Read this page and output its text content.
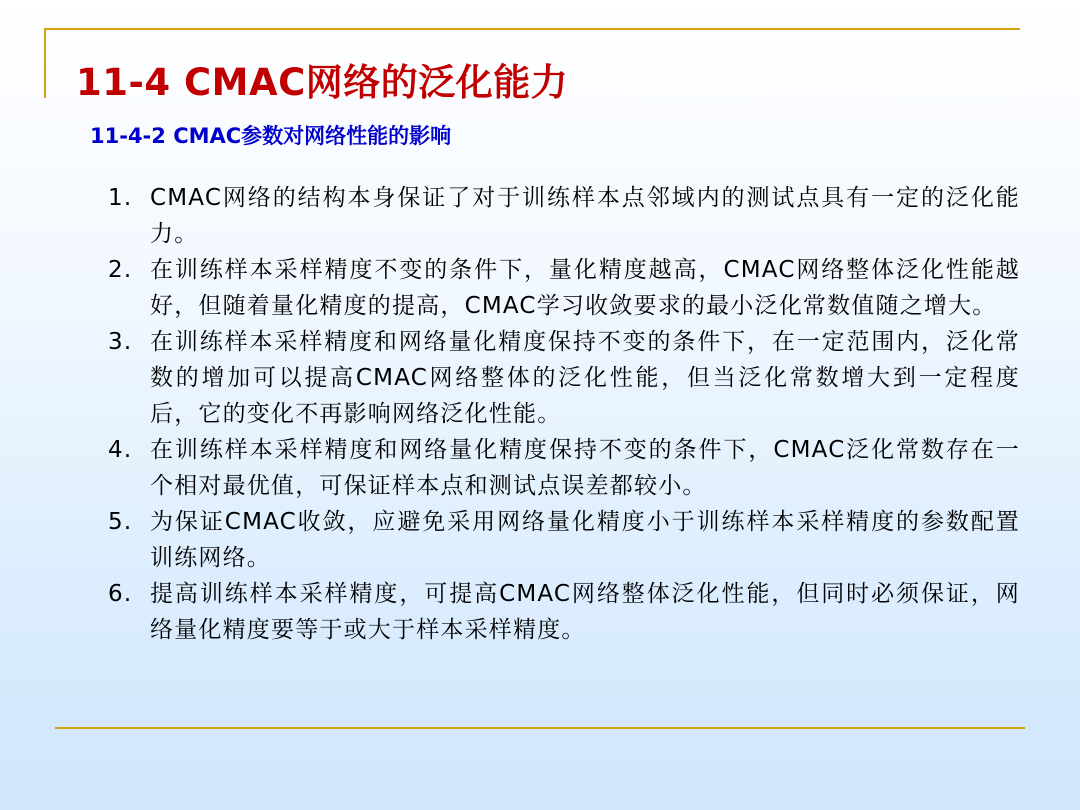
11-4 CMAC网络的泛化能力
11-4-2 CMAC参数对网络性能的影响
1. CMAC网络的结构本身保证了对于训练样本点邻域内的测试点具有一定的泛化能力。
2. 在训练样本采样精度不变的条件下，量化精度越高，CMAC网络整体泛化性能越好，但随着量化精度的提高，CMAC学习收敛要求的最小泛化常数值随之增大。
3. 在训练样本采样精度和网络量化精度保持不变的条件下，在一定范围内，泛化常数的增加可以提高CMAC网络整体的泛化性能，但当泛化常数增大到一定程度后，它的变化不再影响网络泛化性能。
4. 在训练样本采样精度和网络量化精度保持不变的条件下，CMAC泛化常数存在一个相对最优值，可保证样本点和测试点误差都较小。
5. 为保证CMAC收敛，应避免采用网络量化精度小于训练样本采样精度的参数配置训练网络。
6. 提高训练样本采样精度，可提高CMAC网络整体泛化性能，但同时必须保证，网络量化精度要等于或大于样本采样精度。
